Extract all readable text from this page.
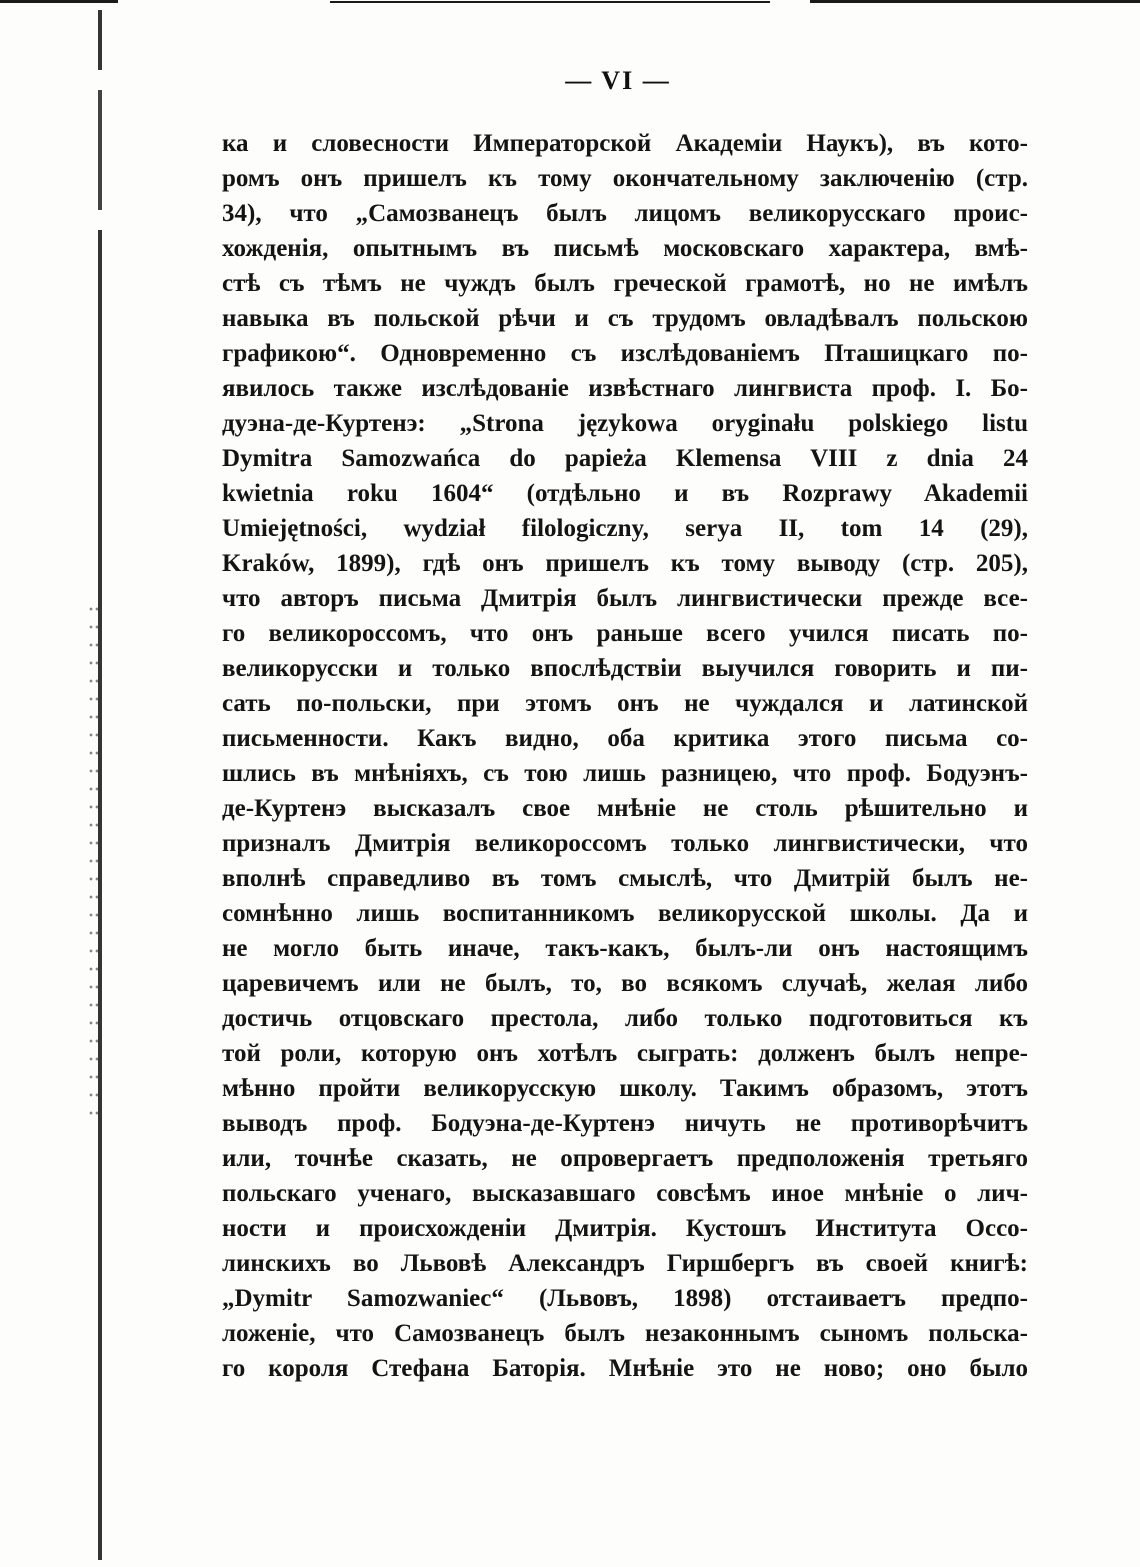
— VI —
ка и словесности Императорской Академіи Наукъ), въ кото-
ромъ онъ пришелъ къ тому окончательному заключенію (стр.
34), что „Самозванецъ былъ лицомъ великорусскаго проис-
хожденія, опытнымъ въ письмѣ московскаго характера, вмѣ-
стѣ съ тѣмъ не чуждъ былъ греческой грамотѣ, но не имѣлъ
навыка въ польской рѣчи и съ трудомъ овладѣвалъ польскою
графикою“. Одновременно съ изслѣдованіемъ Пташицкаго по-
явилось также изслѣдованіе извѣстнаго лингвиста проф. І. Бо-
дуэна-де-Куртенэ: „Strona językowa oryginału polskiego listu
Dymitra Samozwańca do papieża Klemensa VIII z dnia 24
kwietnia roku 1604“ (отдѣльно и въ Rozprawy Akademii
Umiejętności, wydział filologiczny, serya II, tom 14 (29),
Kraków, 1899), гдѣ онъ пришелъ къ тому выводу (стр. 205),
что авторъ письма Дмитрія былъ лингвистически прежде все-
го великороссомъ, что онъ раньше всего учился писать по-
великорусски и только впослѣдствіи выучился говорить и пи-
сать по-польски, при этомъ онъ не чуждался и латинской
письменности. Какъ видно, оба критика этого письма со-
шлись въ мнѣніяхъ, съ тою лишь разницею, что проф. Бодуэнъ-
де-Куртенэ высказалъ свое мнѣніе не столь рѣшительно и
призналъ Дмитрія великороссомъ только лингвистически, что
вполнѣ справедливо въ томъ смыслѣ, что Дмитрій былъ не-
сомнѣнно лишь воспитанникомъ великорусской школы. Да и
не могло быть иначе, такъ-какъ, былъ-ли онъ настоящимъ
царевичемъ или не былъ, то, во всякомъ случаѣ, желая либо
достичь отцовскаго престола, либо только подготовиться къ
той роли, которую онъ хотѣлъ сыграть: долженъ былъ непре-
мѣнно пройти великорусскую школу. Такимъ образомъ, этотъ
выводъ проф. Бодуэна-де-Куртенэ ничуть не противорѣчитъ
или, точнѣе сказать, не опровергаетъ предположенія третьяго
польскаго ученаго, высказавшаго совсѣмъ иное мнѣніе о лич-
ности и происхожденіи Дмитрія. Кустошъ Института Оссо-
линскихъ во Львовѣ Александръ Гиршбергъ въ своей книгѣ:
„Dymitr Samozwaniec“ (Львовъ, 1898) отстаиваетъ предпо-
ложеніе, что Самозванецъ былъ незаконнымъ сыномъ польска-
го короля Стефана Баторія. Мнѣніе это не ново; оно было
